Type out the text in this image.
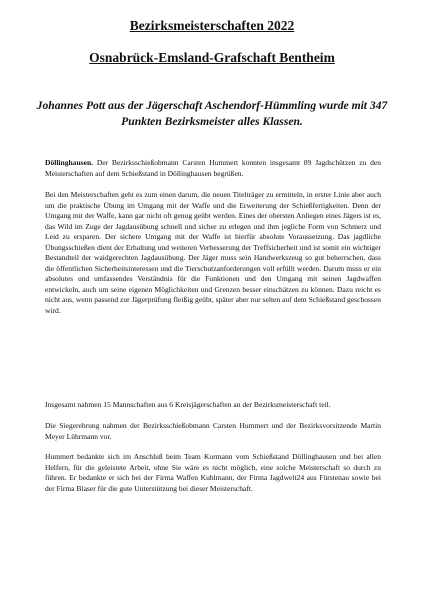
Bezirksmeisterschaften 2022
Osnabrück-Emsland-Grafschaft Bentheim
Johannes Pott aus der Jägerschaft Aschendorf-Hümmling wurde mit 347 Punkten Bezirksmeister alles Klassen.
Döllinghausen. Der Bezirksschießobmann Carsten Hummert konnten insgesamt 89 Jagdschützen zu den Meisterschaften auf dem Schießstand in Döllinghausen begrüßen.
Bei den Meisterschaften geht es zum einen darum, die neuen Titelträger zu ermitteln, in erster Linie aber auch um die praktische Übung im Umgang mit der Waffe und die Erweiterung der Schießfertigkeiten. Denn der Umgang mit der Waffe, kann gar nicht oft genug geübt werden. Eines der obersten Anliegen eines Jägers ist es, das Wild im Zuge der Jagdausübung schnell und sicher zu erlegen und ihm jegliche Form von Schmerz und Leid zu ersparen. Der sichere Umgang mit der Waffe ist hierfür absolute Voraussetzung. Das jagdliche Übungsschießen dient der Erhaltung und weiteren Verbesserung der Treffsicherheit und ist somit ein wichtiger Bestandteil der waidgerechten Jagdausübung. Der Jäger muss sein Handwerkszeug so gut beherrschen, dass die öffentlichen Sicherheitsinteressen und die Tierschutzanforderungen voll erfüllt werden. Darum muss er ein absolutes und umfassendes Verständnis für die Funktionen und den Umgang mit seinen Jagdwaffen entwickeln, auch um seine eigenen Möglichkeiten und Grenzen besser einschätzen zu können. Dazu reicht es nicht aus, wenn passend zur Jägerprüfung fleißig geübt, später aber nur selten auf dem Schießstand geschossen wird.
Insgesamt nahmen 15 Mannschaften aus 6 Kreisjägerschaften an der Bezirksmeisterschaft teil.
Die Siegerehrung nahmen der Bezirksschießobmann Carsten Hummert und der Bezirksvorsitzende Martin Meyer Lührmann vor.
Hummert bedankte sich im Anschluß beim Team Kormann vom Schießstand Döllinghausen und bei allen Helfern, für die geleistete Arbeit, ohne Sie wäre es nicht möglich, eine solche Meisterschaft so durch zu führen. Er bedankte er sich bei der Firma Waffen Kuhlmann, der Firma Jagdwelt24 aus Fürstenau sowie bei der Firma Blaser für die gute Unterstützung bei dieser Meisterschaft.
